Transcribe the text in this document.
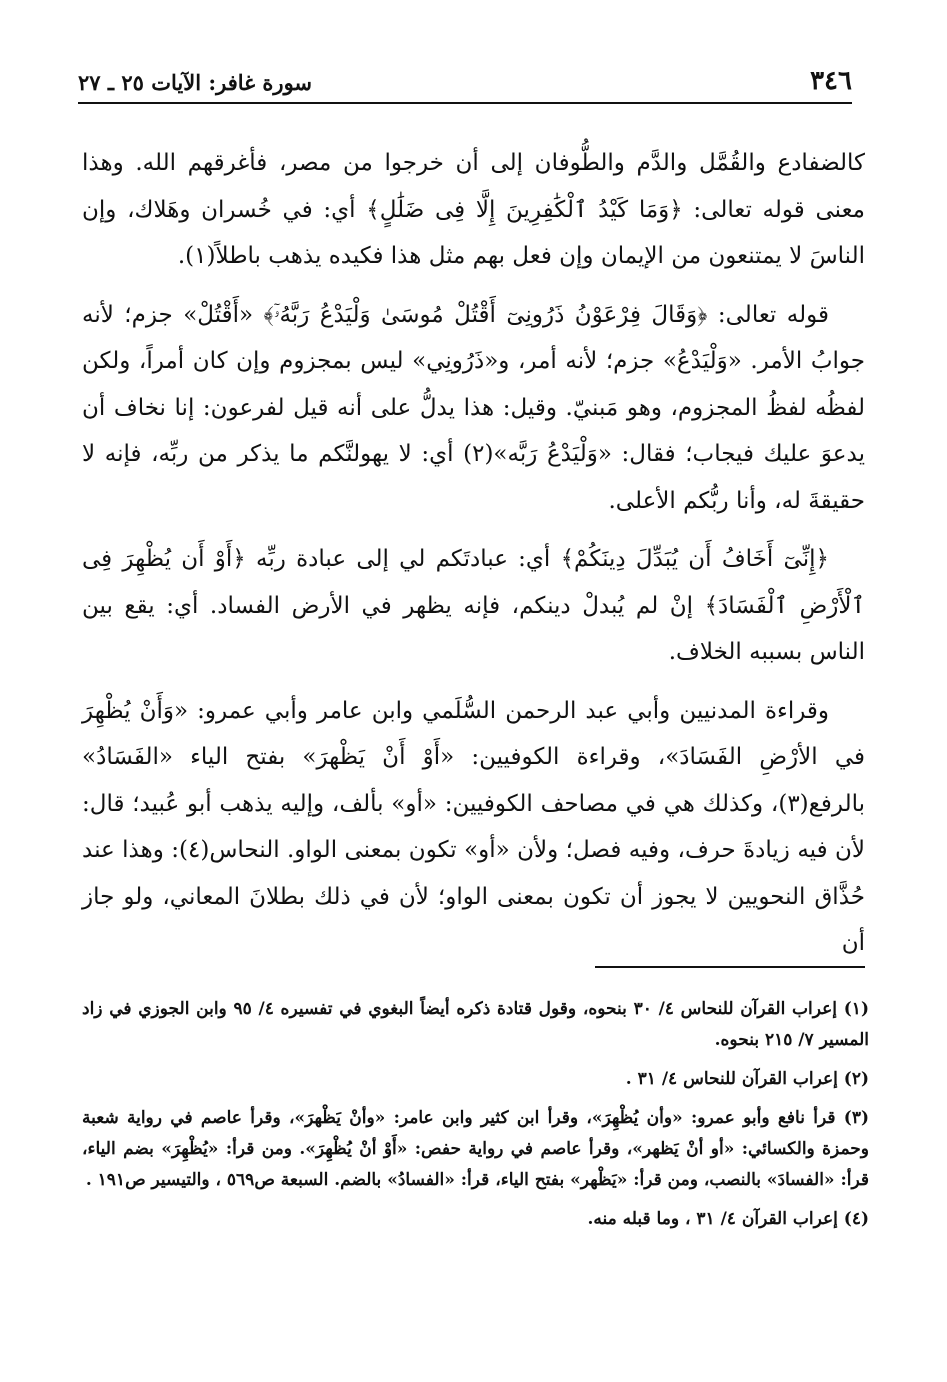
٣٤٦
سورة غافر: الآيات ٢٥ ـ ٢٧

كالضفادع والقُمَّل والدَّم والطُّوفان إلى أن خرجوا من مصر، فأغرقهم الله. وهذا معنى قوله تعالى: ﴿وَمَا كَيْدُ ٱلْكَٰفِرِينَ إِلَّا فِى ضَلَٰلٍ﴾ أي: في خُسران وهَلاك، وإن الناسَ لا يمتنعون من الإيمان وإن فعل بهم مثل هذا فكيده يذهب باطلاً(١).

قوله تعالى: ﴿وَقَالَ فِرْعَوْنُ ذَرُونِىٓ أَقْتُلْ مُوسَىٰ وَلْيَدْعُ رَبَّهُۥٓ﴾ «أَقْتُلْ» جزم؛ لأنه جوابُ الأمر. «وَلْيَدْعُ» جزم؛ لأنه أمر، و«ذَرُونِي» ليس بمجزوم وإن كان أمراً، ولكن لفظُه لفظُ المجزوم، وهو مَبنيّ. وقيل: هذا يدلُّ على أنه قيل لفرعون: إنا نخاف أن يدعوَ عليك فيجاب؛ فقال: «وَلْيَدْعُ رَبَّه»(٢) أي: لا يهولنَّكم ما يذكر من ربِّه، فإنه لا حقيقةَ له، وأنا ربُّكم الأعلى.

﴿إِنِّىٓ أَخَافُ أَن يُبَدِّلَ دِينَكُمْ﴾ أي: عبادتَكم لي إلى عبادة ربِّه ﴿أَوْ أَن يُظْهِرَ فِى ٱلْأَرْضِ ٱلْفَسَادَ﴾ إنْ لم يُبدلْ دينكم، فإنه يظهر في الأرض الفساد. أي: يقع بين الناس بسببه الخلاف.

وقراءة المدنيين وأبي عبد الرحمن السُّلَمي وابن عامر وأبي عمرو: «وَأَنْ يُظْهِرَ في الأرْضِ الفَسَادَ»، وقراءة الكوفيين: «أَوْ أَنْ يَظْهرَ» بفتح الياء «الفَسَادُ» بالرفع(٣)، وكذلك هي في مصاحف الكوفيين: «أو» بألف، وإليه يذهب أبو عُبيد؛ قال: لأن فيه زيادةَ حرف، وفيه فصل؛ ولأن «أو» تكون بمعنى الواو. النحاس(٤): وهذا عند حُذَّاق النحويين لا يجوز أن تكون بمعنى الواو؛ لأن في ذلك بطلانَ المعاني، ولو جاز أن

(١) إعراب القرآن للنحاس ٤/ ٣٠ بنحوه، وقول قتادة ذكره أيضاً البغوي في تفسيره ٤/ ٩٥ وابن الجوزي في زاد المسير ٧/ ٢١٥ بنحوه.

(٢) إعراب القرآن للنحاس ٤/ ٣١ .

(٣) قرأ نافع وأبو عمرو: «وأن يُظْهِرَ»، وقرأ ابن كثير وابن عامر: «وأنْ يَظْهرَ»، وقرأ عاصم في رواية شعبة وحمزة والكسائي: «أو أنْ يَظهر»، وقرأ عاصم في رواية حفص: «أَوْ أنْ يُظْهِرَ». ومن قرأ: «يُظْهِرَ» بضم الياء، قرأ: «الفسادَ» بالنصب، ومن قرأ: «يَظْهر» بفتح الياء، قرأ: «الفسادُ» بالضم. السبعة ص٥٦٩ ، والتيسير ص١٩١ .

(٤) إعراب القرآن ٤/ ٣١ ، وما قبله منه.
